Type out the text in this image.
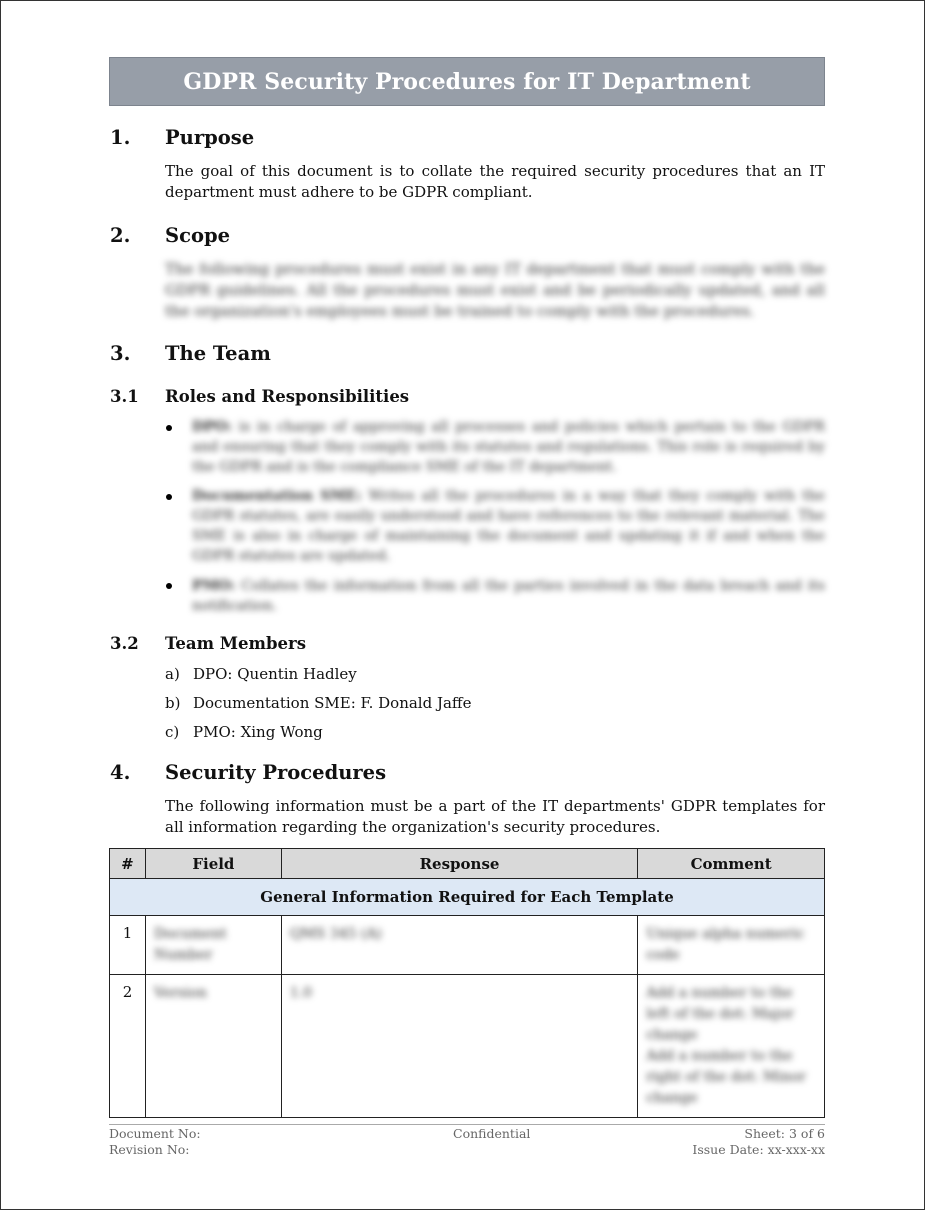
GDPR Security Procedures for IT Department
1. Purpose
The goal of this document is to collate the required security procedures that an IT department must adhere to be GDPR compliant.
2. Scope
The following procedures must exist in any IT department that must comply with the GDPR guidelines. All the procedures must exist and be periodically updated, and all the organization's employees must be trained to comply with the procedures.
3. The Team
3.1 Roles and Responsibilities
DPO: is in charge of approving all processes and policies which pertain to the GDPR and ensuring that they comply with its statutes and regulations. This role is required by the GDPR and is the compliance SME of the IT department.
Documentation SME: Writes all the procedures in a way that they comply with the GDPR statutes, are easily understood and have references to the relevant material. The SME is also in charge of maintaining the document and updating it if and when the GDPR statutes are updated.
PMO: Collates the information from all the parties involved in the data breach and its notification.
3.2 Team Members
a) DPO: Quentin Hadley
b) Documentation SME: F. Donald Jaffe
c) PMO: Xing Wong
4. Security Procedures
The following information must be a part of the IT departments' GDPR templates for all information regarding the organization's security procedures.
#	Field	Response	Comment
General Information Required for Each Template			
1	Document Number	QMS 345 (A)	Unique alpha numeric code
2	Version	1.0	Add a number to the left of the dot: Major change
Add a number to the right of the dot: Minor change
Document No:
Revision No:
Confidential	Sheet: 3 of 6
Issue Date: xx-xxx-xx
